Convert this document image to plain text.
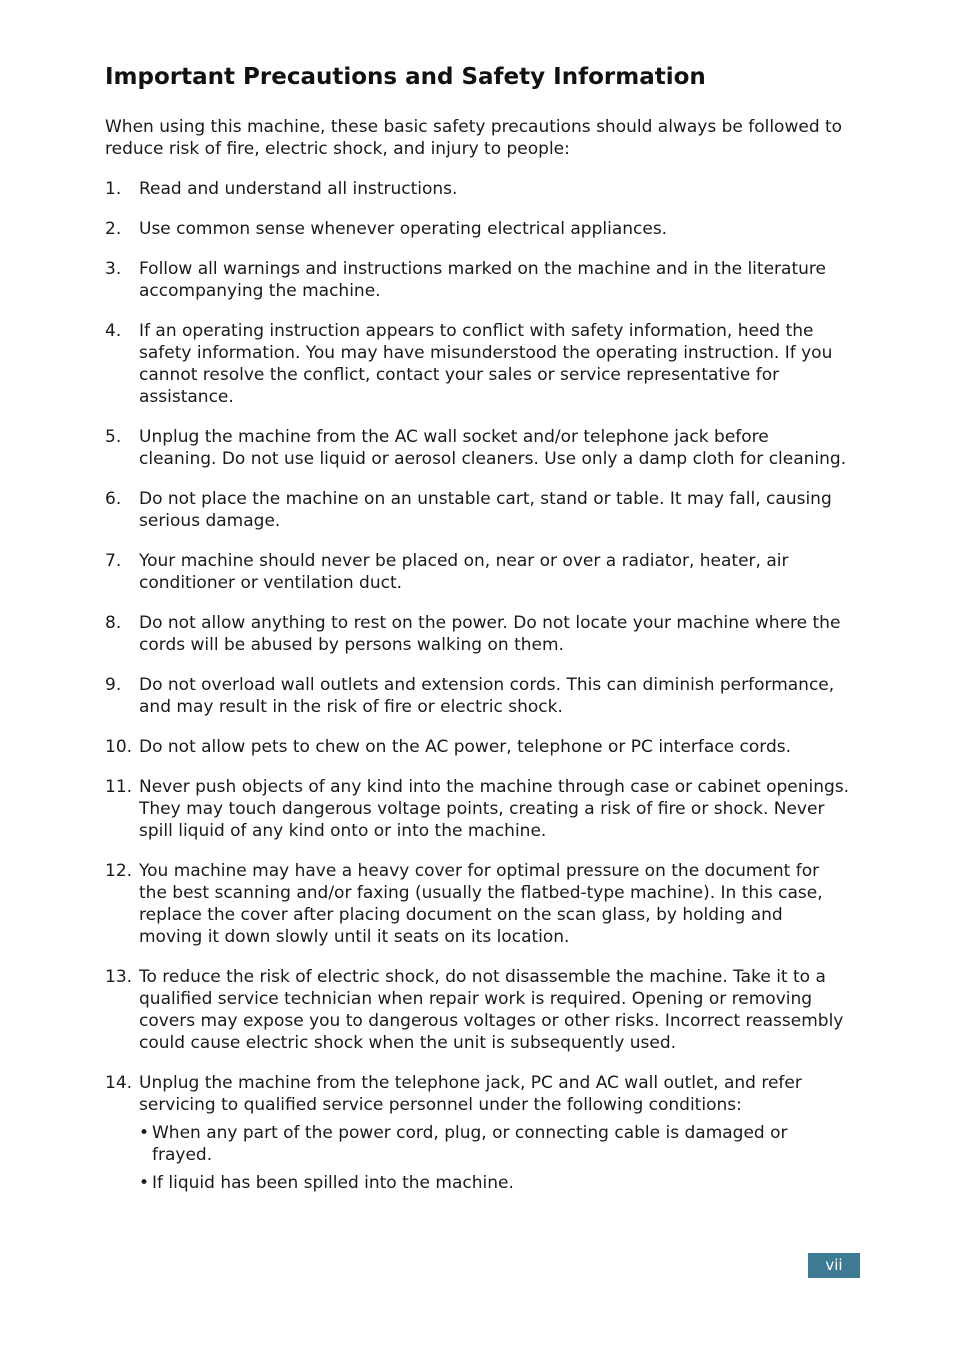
Important Precautions and Safety Information

When using this machine, these basic safety precautions should always be followed to reduce risk of fire, electric shock, and injury to people:

1. Read and understand all instructions.
2. Use common sense whenever operating electrical appliances.
3. Follow all warnings and instructions marked on the machine and in the literature accompanying the machine.
4. If an operating instruction appears to conflict with safety information, heed the safety information. You may have misunderstood the operating instruction. If you cannot resolve the conflict, contact your sales or service representative for assistance.
5. Unplug the machine from the AC wall socket and/or telephone jack before cleaning. Do not use liquid or aerosol cleaners. Use only a damp cloth for cleaning.
6. Do not place the machine on an unstable cart, stand or table. It may fall, causing serious damage.
7. Your machine should never be placed on, near or over a radiator, heater, air conditioner or ventilation duct.
8. Do not allow anything to rest on the power. Do not locate your machine where the cords will be abused by persons walking on them.
9. Do not overload wall outlets and extension cords. This can diminish performance, and may result in the risk of fire or electric shock.
10. Do not allow pets to chew on the AC power, telephone or PC interface cords.
11. Never push objects of any kind into the machine through case or cabinet openings. They may touch dangerous voltage points, creating a risk of fire or shock. Never spill liquid of any kind onto or into the machine.
12. You machine may have a heavy cover for optimal pressure on the document for the best scanning and/or faxing (usually the flatbed-type machine). In this case, replace the cover after placing document on the scan glass, by holding and moving it down slowly until it seats on its location.
13. To reduce the risk of electric shock, do not disassemble the machine. Take it to a qualified service technician when repair work is required. Opening or removing covers may expose you to dangerous voltages or other risks. Incorrect reassembly could cause electric shock when the unit is subsequently used.
14. Unplug the machine from the telephone jack, PC and AC wall outlet, and refer servicing to qualified service personnel under the following conditions:
• When any part of the power cord, plug, or connecting cable is damaged or frayed.
• If liquid has been spilled into the machine.
vii
